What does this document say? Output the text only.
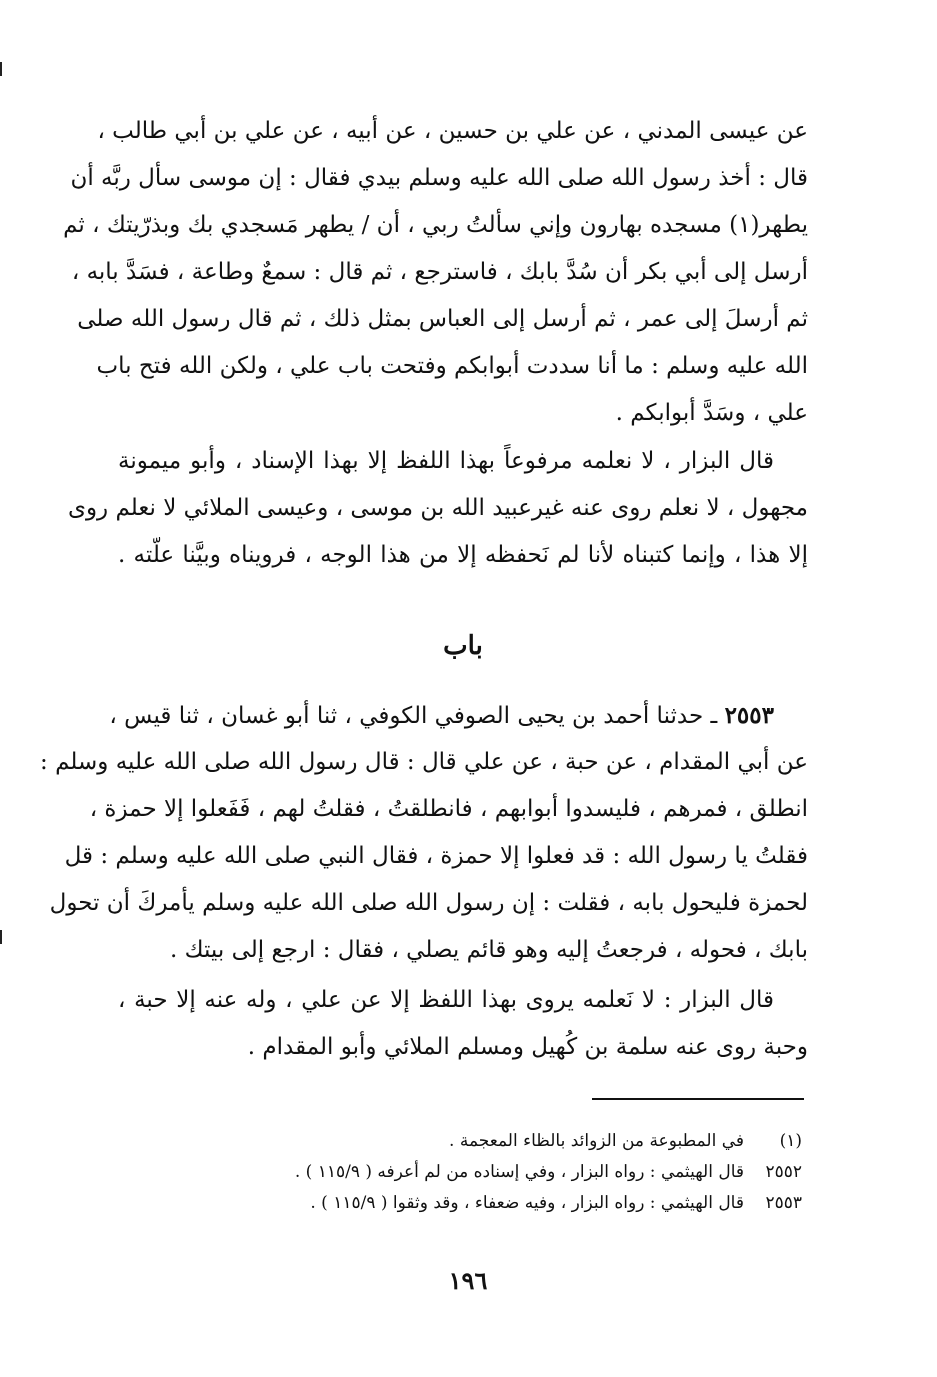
عن عيسى المدني ، عن علي بن حسين ، عن أبيه ، عن علي بن أبي طالب ،
قال : أخذ رسول الله صلى الله عليه وسلم بيدي فقال : إن موسى سأل ربَّه أن
يطهر(١) مسجده بهارون وإني سألتُ ربي ، أن / يطهر مَسجدي بك وبذرّيتك ، ثم
أرسل إلى أبي بكر أن سُدَّ بابك ، فاسترجع ، ثم قال : سمعٌ وطاعة ، فسَدَّ بابه ،
ثم أرسلَ إلى عمر ، ثم أرسل إلى العباس بمثل ذلك ، ثم قال رسول الله صلى
الله عليه وسلم : ما أنا سددت أبوابكم وفتحت باب علي ، ولكن الله فتح باب
علي ، وسَدَّ أبوابكم .
قال البزار ، لا نعلمه مرفوعاً بهذا اللفظ إلا بهذا الإسناد ، وأبو ميمونة
مجهول ، لا نعلم روى عنه غيرعبيد الله بن موسى ، وعيسى الملائي لا نعلم روى
إلا هذا ، وإنما كتبناه لأنا لم نَحفظه إلا من هذا الوجه ، فرويناه وبيَّنا علّته .
باب
٢٥٥٣ ـ حدثنا أحمد بن يحيى الصوفي الكوفي ، ثنا أبو غسان ، ثنا قيس ،
عن أبي المقدام ، عن حبة ، عن علي قال : قال رسول الله صلى الله عليه وسلم :
انطلق ، فمرهم ، فليسدوا أبوابهم ، فانطلقتُ ، فقلتُ لهم ، فَفَعلوا إلا حمزة ،
فقلتُ يا رسول الله : قد فعلوا إلا حمزة ، فقال النبي صلى الله عليه وسلم : قل
لحمزة فليحول بابه ، فقلت : إن رسول الله صلى الله عليه وسلم يأمركَ أن تحول
بابك ، فحوله ، فرجعتُ إليه وهو قائم يصلي ، فقال : ارجع إلى بيتك .
قال البزار : لا نَعلمه يروى بهذا اللفظ إلا عن علي ، وله عنه إلا حبة ،
وحبة روى عنه سلمة بن كُهيل ومسلم الملائي وأبو المقدام .
(١)
في المطبوعة من الزوائد بالظاء المعجمة .
٢٥٥٢
قال الهيثمي : رواه البزار ، وفي إسناده من لم أعرفه ( ١١٥/٩ ) .
٢٥٥٣
قال الهيثمي : رواه البزار ، وفيه ضعفاء ، وقد وثقوا ( ١١٥/٩ ) .
١٩٦
